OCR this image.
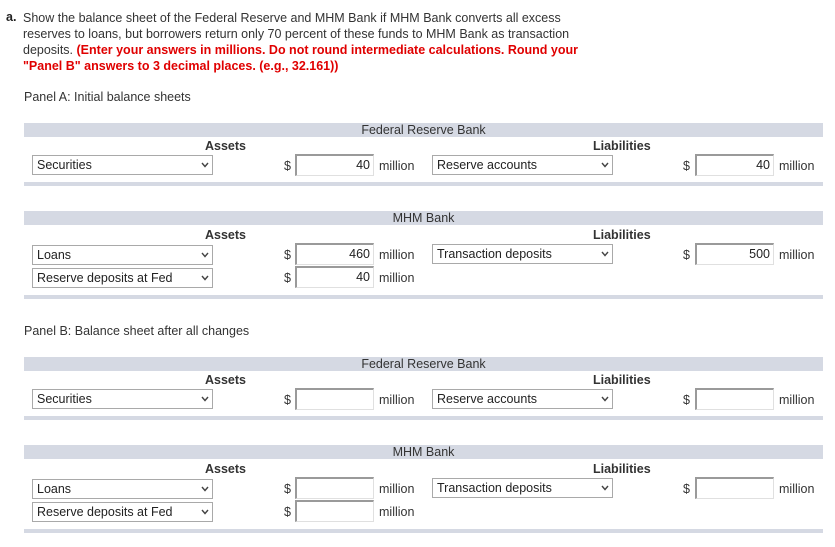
a. Show the balance sheet of the Federal Reserve and MHM Bank if MHM Bank converts all excess
reserves to loans, but borrowers return only 70 percent of these funds to MHM Bank as transaction
deposits. (Enter your answers in millions. Do not round intermediate calculations. Round your
"Panel B" answers to 3 decimal places. (e.g., 32.161))
Panel A: Initial balance sheets
Federal Reserve Bank
Assets	Liabilities
Securities	$	40 million	Reserve accounts	$	40 million
MHM Bank
Assets	Liabilities
Loans	$	460 million	Transaction deposits	$	500 million
Reserve deposits at Fed	$	40 million
Panel B: Balance sheet after all changes
Federal Reserve Bank
Assets	Liabilities
Securities	$	million	Reserve accounts	$	million
MHM Bank
Assets	Liabilities
Loans	$	million	Transaction deposits	$	million
Reserve deposits at Fed	$	million
